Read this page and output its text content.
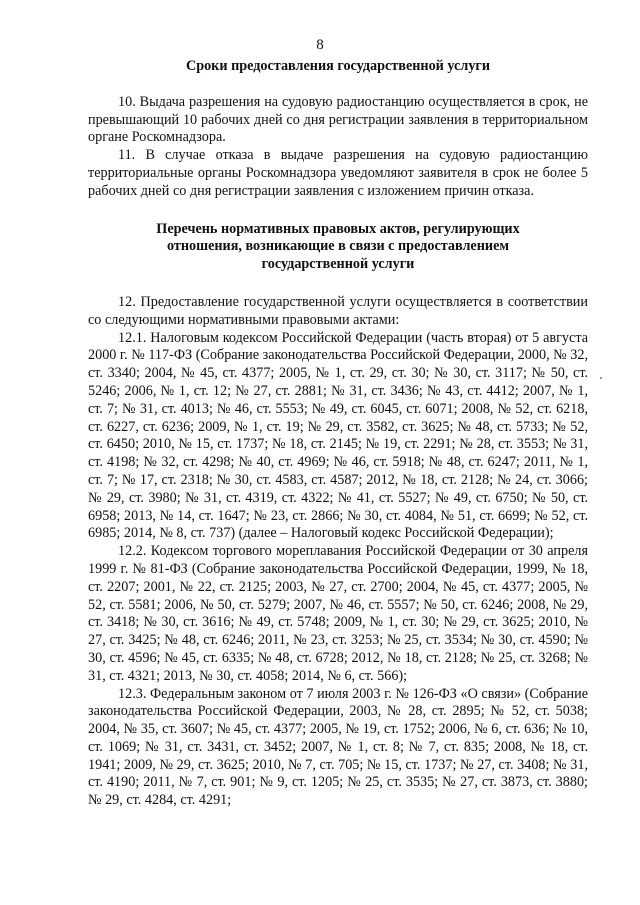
8
Сроки предоставления государственной услуги

10. Выдача разрешения на судовую радиостанцию осуществляется в срок, не превышающий 10 рабочих дней со дня регистрации заявления в территориальном органе Роскомнадзора.

11. В случае отказа в выдаче разрешения на судовую радиостанцию территориальные органы Роскомнадзора уведомляют заявителя в срок не более 5 рабочих дней со дня регистрации заявления с изложением причин отказа.

Перечень нормативных правовых актов, регулирующих отношения, возникающие в связи с предоставлением государственной услуги

12. Предоставление государственной услуги осуществляется в соответствии со следующими нормативными правовыми актами:

12.1. Налоговым кодексом Российской Федерации (часть вторая) от 5 августа 2000 г. № 117-ФЗ (Собрание законодательства Российской Федерации, 2000, № 32, ст. 3340; 2004, № 45, ст. 4377; 2005, № 1, ст. 29, ст. 30; № 30, ст. 3117; № 50, ст. 5246; 2006, № 1, ст. 12; № 27, ст. 2881; № 31, ст. 3436; № 43, ст. 4412; 2007, № 1, ст. 7; № 31, ст. 4013; № 46, ст. 5553; № 49, ст. 6045, ст. 6071; 2008, № 52, ст. 6218, ст. 6227, ст. 6236; 2009, № 1, ст. 19; № 29, ст. 3582, ст. 3625; № 48, ст. 5733; № 52, ст. 6450; 2010, № 15, ст. 1737; № 18, ст. 2145; № 19, ст. 2291; № 28, ст. 3553; № 31, ст. 4198; № 32, ст. 4298; № 40, ст. 4969; № 46, ст. 5918; № 48, ст. 6247; 2011, № 1, ст. 7; № 17, ст. 2318; № 30, ст. 4583, ст. 4587; 2012, № 18, ст. 2128; № 24, ст. 3066; № 29, ст. 3980; № 31, ст. 4319, ст. 4322; № 41, ст. 5527; № 49, ст. 6750; № 50, ст. 6958; 2013, № 14, ст. 1647; № 23, ст. 2866; № 30, ст. 4084, № 51, ст. 6699; № 52, ст. 6985; 2014, № 8, ст. 737) (далее – Налоговый кодекс Российской Федерации);

12.2. Кодексом торгового мореплавания Российской Федерации от 30 апреля 1999 г. № 81-ФЗ (Собрание законодательства Российской Федерации, 1999, № 18, ст. 2207; 2001, № 22, ст. 2125; 2003, № 27, ст. 2700; 2004, № 45, ст. 4377; 2005, № 52, ст. 5581; 2006, № 50, ст. 5279; 2007, № 46, ст. 5557; № 50, ст. 6246; 2008, № 29, ст. 3418; № 30, ст. 3616; № 49, ст. 5748; 2009, № 1, ст. 30; № 29, ст. 3625; 2010, № 27, ст. 3425; № 48, ст. 6246; 2011, № 23, ст. 3253; № 25, ст. 3534; № 30, ст. 4590; № 30, ст. 4596; № 45, ст. 6335; № 48, ст. 6728; 2012, № 18, ст. 2128; № 25, ст. 3268; № 31, ст. 4321; 2013, № 30, ст. 4058; 2014, № 6, ст. 566);

12.3. Федеральным законом от 7 июля 2003 г. № 126-ФЗ «О связи» (Собрание законодательства Российской Федерации, 2003, № 28, ст. 2895; № 52, ст. 5038; 2004, № 35, ст. 3607; № 45, ст. 4377; 2005, № 19, ст. 1752; 2006, № 6, ст. 636; № 10, ст. 1069; № 31, ст. 3431, ст. 3452; 2007, № 1, ст. 8; № 7, ст. 835; 2008, № 18, ст. 1941; 2009, № 29, ст. 3625; 2010, № 7, ст. 705; № 15, ст. 1737; № 27, ст. 3408; № 31, ст. 4190; 2011, № 7, ст. 901; № 9, ст. 1205; № 25, ст. 3535; № 27, ст. 3873, ст. 3880; № 29, ст. 4284, ст. 4291;
